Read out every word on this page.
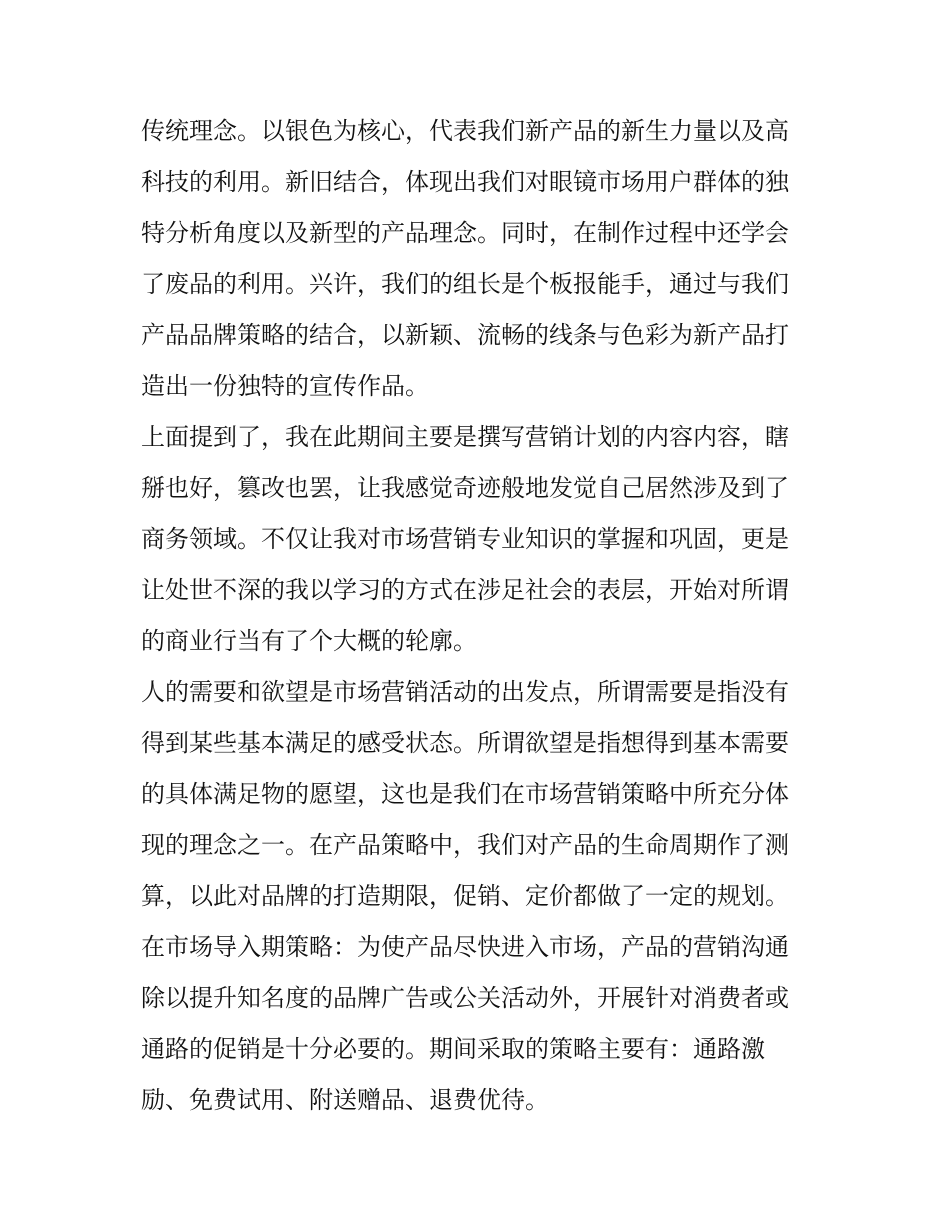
传统理念。以银色为核心，代表我们新产品的新生力量以及高
科技的利用。新旧结合，体现出我们对眼镜市场用户群体的独
特分析角度以及新型的产品理念。同时，在制作过程中还学会
了废品的利用。兴许，我们的组长是个板报能手，通过与我们
产品品牌策略的结合，以新颖、流畅的线条与色彩为新产品打
造出一份独特的宣传作品。

上面提到了，我在此期间主要是撰写营销计划的内容内容，瞎
掰也好，篡改也罢，让我感觉奇迹般地发觉自己居然涉及到了
商务领域。不仅让我对市场营销专业知识的掌握和巩固，更是
让处世不深的我以学习的方式在涉足社会的表层，开始对所谓
的商业行当有了个大概的轮廓。

人的需要和欲望是市场营销活动的出发点，所谓需要是指没有
得到某些基本满足的感受状态。所谓欲望是指想得到基本需要
的具体满足物的愿望，这也是我们在市场营销策略中所充分体
现的理念之一。在产品策略中，我们对产品的生命周期作了测
算，以此对品牌的打造期限，促销、定价都做了一定的规划。

在市场导入期策略：为使产品尽快进入市场，产品的营销沟通
除以提升知名度的品牌广告或公关活动外，开展针对消费者或
通路的促销是十分必要的。期间采取的策略主要有：通路激
励、免费试用、附送赠品、退费优待。
